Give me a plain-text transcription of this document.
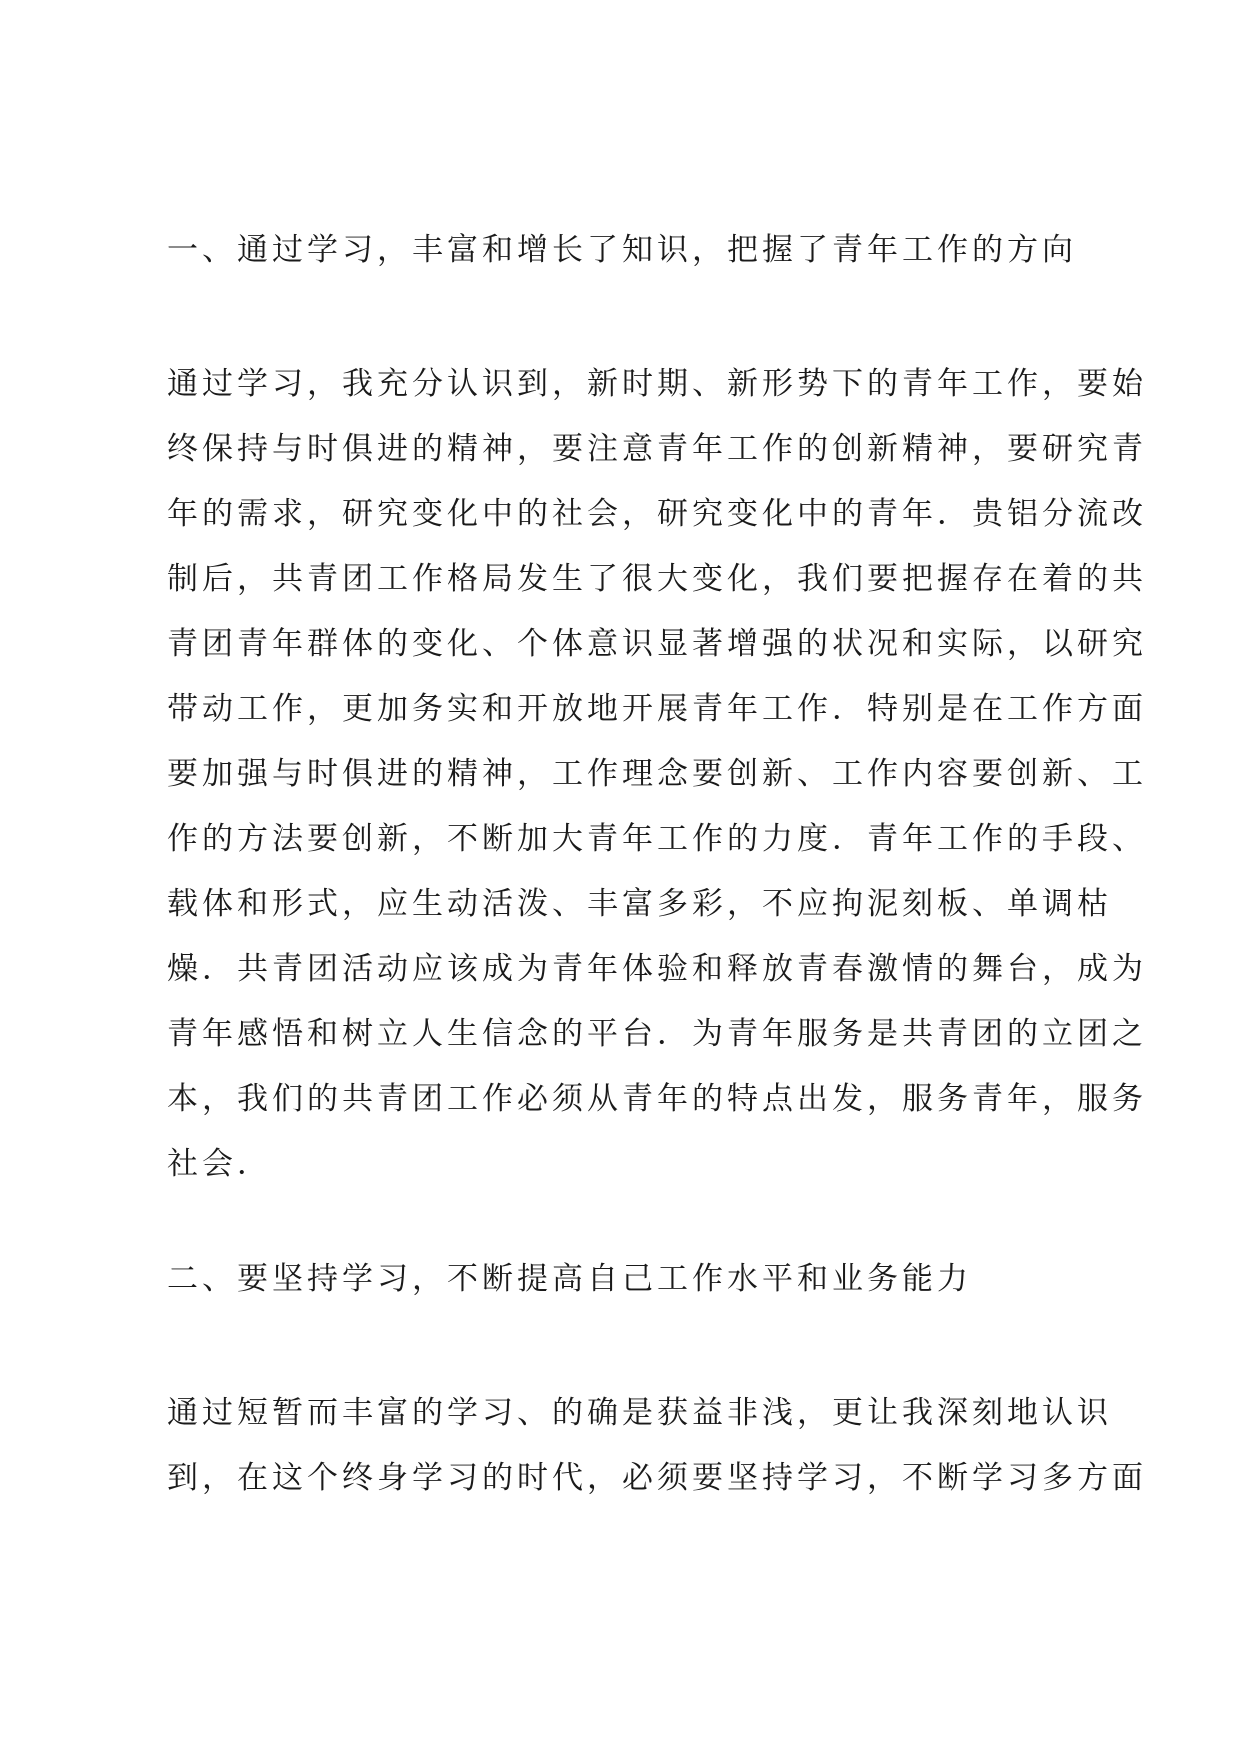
一、通过学习，丰富和增长了知识，把握了青年工作的方向

通过学习，我充分认识到，新时期、新形势下的青年工作，要始

终保持与时俱进的精神，要注意青年工作的创新精神，要研究青

年的需求，研究变化中的社会，研究变化中的青年．贵铝分流改

制后，共青团工作格局发生了很大变化，我们要把握存在着的共

青团青年群体的变化、个体意识显著增强的状况和实际，以研究

带动工作，更加务实和开放地开展青年工作．特别是在工作方面

要加强与时俱进的精神，工作理念要创新、工作内容要创新、工

作的方法要创新，不断加大青年工作的力度．青年工作的手段、

载体和形式，应生动活泼、丰富多彩，不应拘泥刻板、单调枯

燥．共青团活动应该成为青年体验和释放青春激情的舞台，成为

青年感悟和树立人生信念的平台．为青年服务是共青团的立团之

本，我们的共青团工作必须从青年的特点出发，服务青年，服务

社会．

二、要坚持学习，不断提高自己工作水平和业务能力

通过短暂而丰富的学习、的确是获益非浅，更让我深刻地认识

到，在这个终身学习的时代，必须要坚持学习，不断学习多方面
